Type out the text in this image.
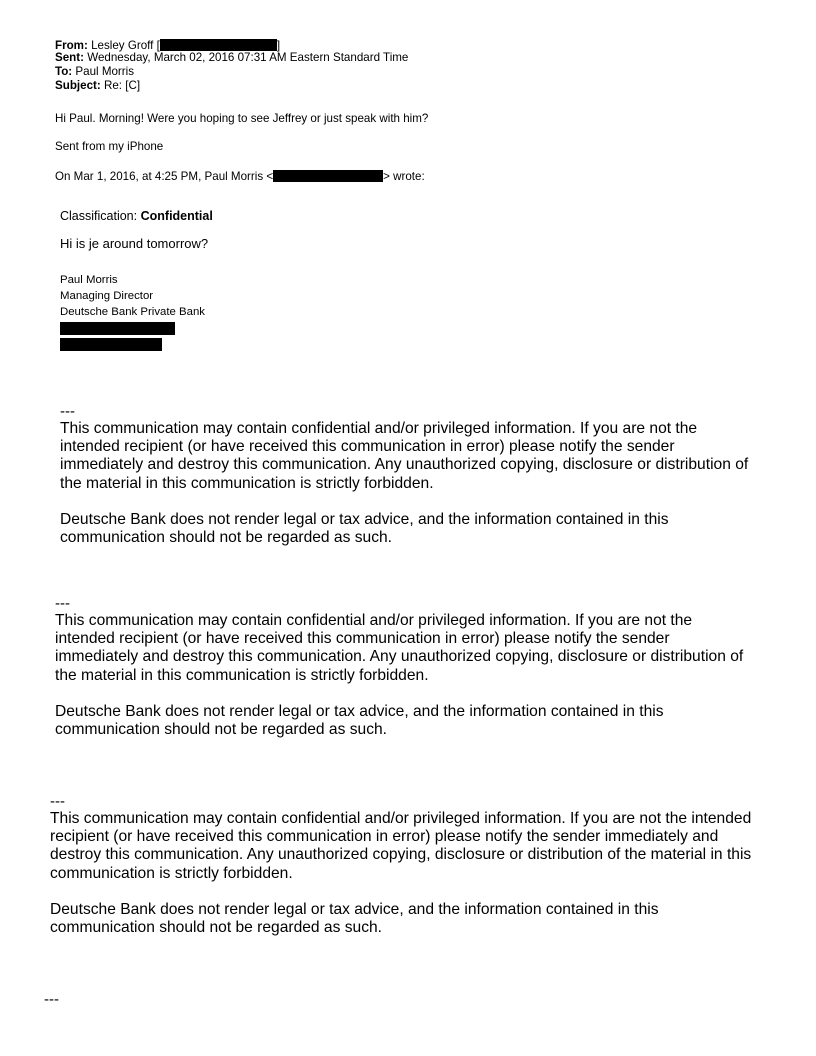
From: Lesley Groff [	]
Sent: Wednesday, March 02, 2016 07:31 AM Eastern Standard Time
To: Paul Morris
Subject: Re: [C]
Hi Paul. Morning! Were you hoping to see Jeffrey or just speak with him?
Sent from my iPhone
On Mar 1, 2016, at 4:25 PM, Paul Morris <	> wrote:
Classification: Confidential
Hi is je around tomorrow?
Paul Morris
Managing Director
Deutsche Bank Private Bank

---

This communication may contain confidential and/or privileged information. If you are not the intended recipient (or have received this communication in error) please notify the sender immediately and destroy this communication. Any unauthorized copying, disclosure or distribution of the material in this communication is strictly forbidden.

Deutsche Bank does not render legal or tax advice, and the information contained in this communication should not be regarded as such.

---

This communication may contain confidential and/or privileged information. If you are not the intended recipient (or have received this communication in error) please notify the sender immediately and destroy this communication. Any unauthorized copying, disclosure or distribution of the material in this communication is strictly forbidden.

Deutsche Bank does not render legal or tax advice, and the information contained in this communication should not be regarded as such.

---

This communication may contain confidential and/or privileged information. If you are not the intended recipient (or have received this communication in error) please notify the sender immediately and destroy this communication. Any unauthorized copying, disclosure or distribution of the material in this communication is strictly forbidden.

Deutsche Bank does not render legal or tax advice, and the information contained in this communication should not be regarded as such.

---
